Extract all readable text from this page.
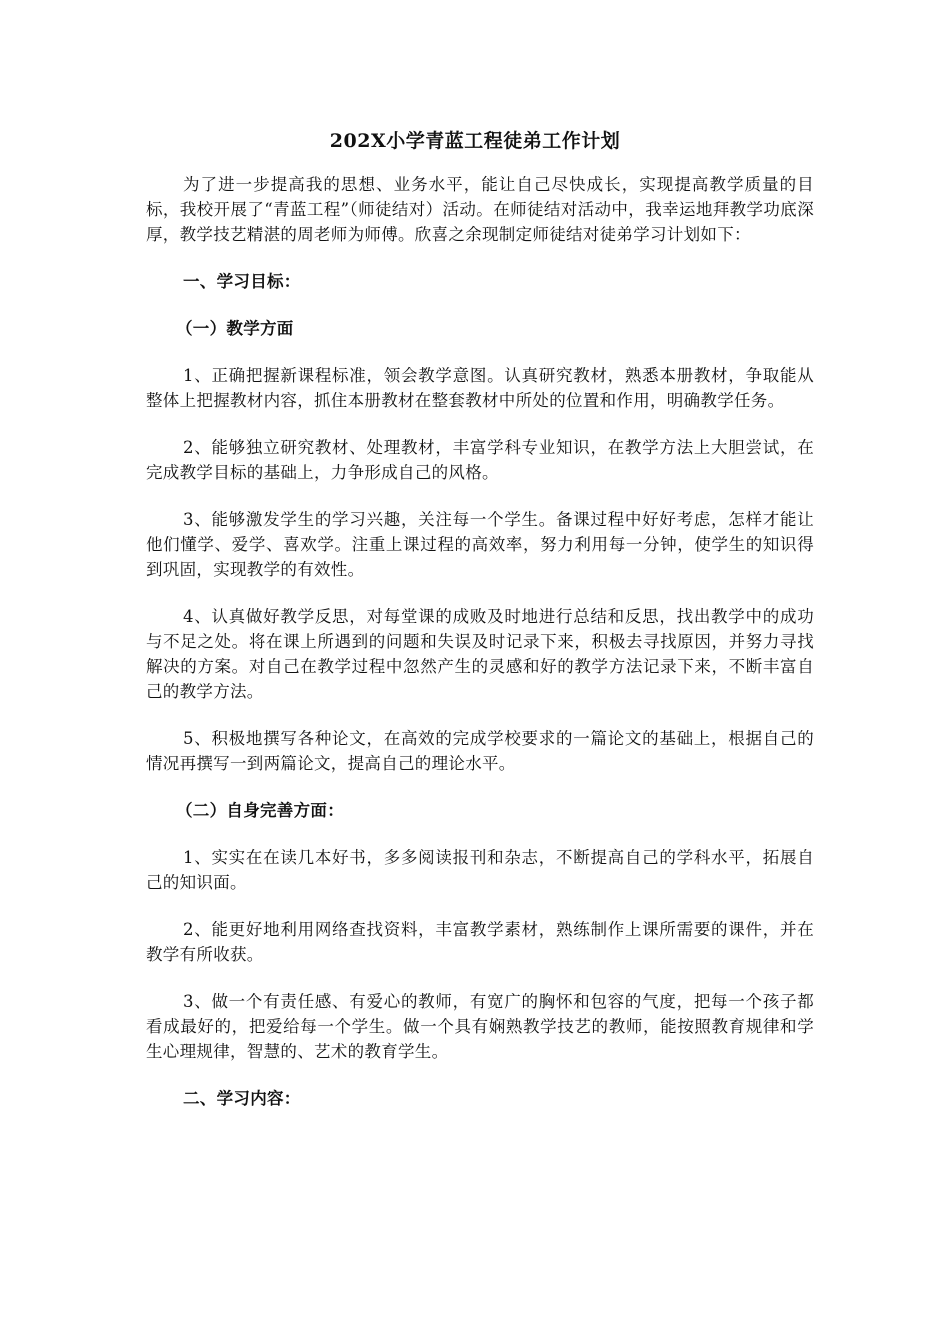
202X小学青蓝工程徒弟工作计划

为了进一步提高我的思想、业务水平，能让自己尽快成长，实现提高教学质量的目标，我校开展了“青蓝工程”（师徒结对）活动。在师徒结对活动中，我幸运地拜教学功底深厚，教学技艺精湛的周老师为师傅。欣喜之余现制定师徒结对徒弟学习计划如下：

一、学习目标：

（一）教学方面

1、正确把握新课程标准，领会教学意图。认真研究教材，熟悉本册教材，争取能从整体上把握教材内容，抓住本册教材在整套教材中所处的位置和作用，明确教学任务。

2、能够独立研究教材、处理教材，丰富学科专业知识，在教学方法上大胆尝试，在完成教学目标的基础上，力争形成自己的风格。

3、能够激发学生的学习兴趣，关注每一个学生。备课过程中好好考虑，怎样才能让他们懂学、爱学、喜欢学。注重上课过程的高效率，努力利用每一分钟，使学生的知识得到巩固，实现教学的有效性。

4、认真做好教学反思，对每堂课的成败及时地进行总结和反思，找出教学中的成功与不足之处。将在课上所遇到的问题和失误及时记录下来，积极去寻找原因，并努力寻找解决的方案。对自己在教学过程中忽然产生的灵感和好的教学方法记录下来，不断丰富自己的教学方法。

5、积极地撰写各种论文，在高效的完成学校要求的一篇论文的基础上，根据自己的情况再撰写一到两篇论文，提高自己的理论水平。

（二）自身完善方面：

1、实实在在读几本好书，多多阅读报刊和杂志，不断提高自己的学科水平，拓展自己的知识面。

2、能更好地利用网络查找资料，丰富教学素材，熟练制作上课所需要的课件，并在教学有所收获。

3、做一个有责任感、有爱心的教师，有宽广的胸怀和包容的气度，把每一个孩子都看成最好的，把爱给每一个学生。做一个具有娴熟教学技艺的教师，能按照教育规律和学生心理规律，智慧的、艺术的教育学生。

二、学习内容：
